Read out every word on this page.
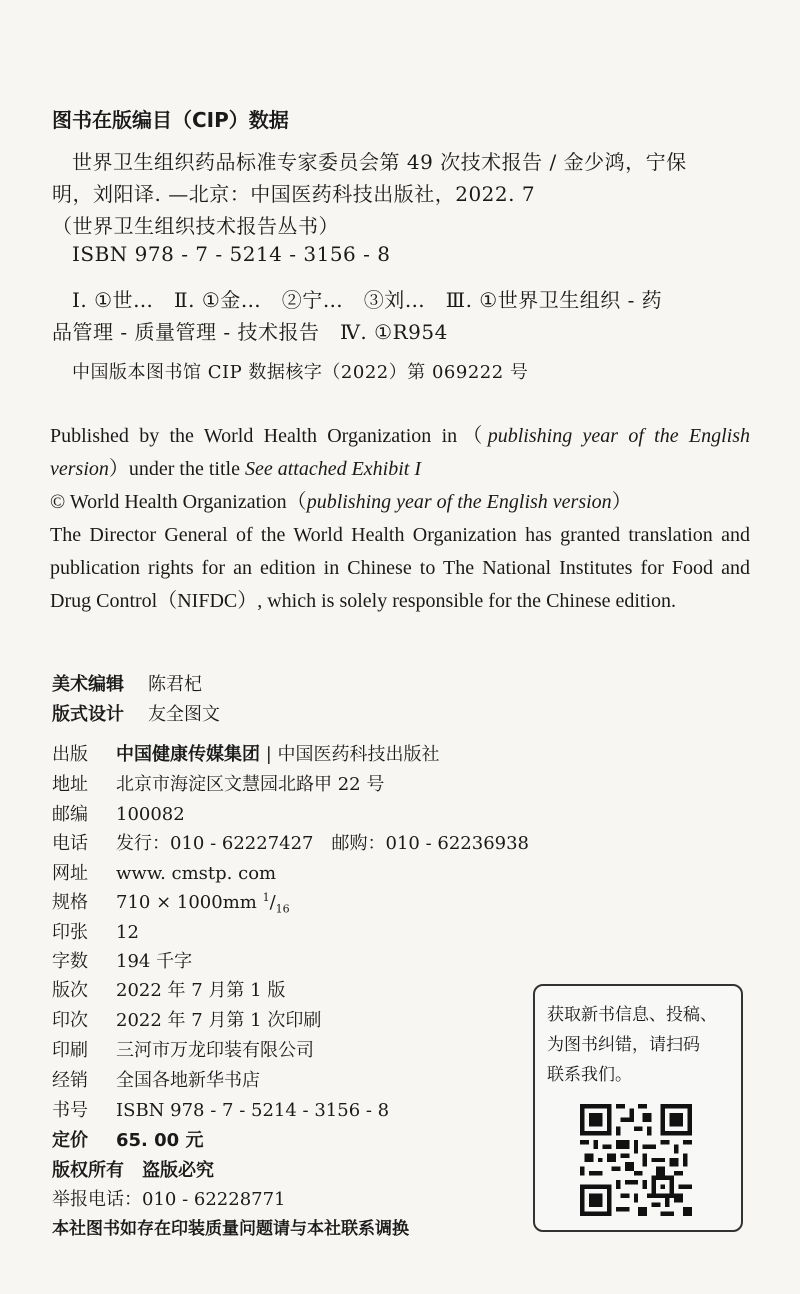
图书在版编目（CIP）数据
世界卫生组织药品标准专家委员会第 49 次技术报告 / 金少鸿，宁保
明，刘阳译. —北京：中国医药科技出版社，2022. 7
（世界卫生组织技术报告丛书）
ISBN 978 - 7 - 5214 - 3156 - 8
Ⅰ. ①世…　Ⅱ. ①金…　②宁…　③刘…　Ⅲ. ①世界卫生组织 - 药
品管理 - 质量管理 - 技术报告　Ⅳ. ①R954
中国版本图书馆 CIP 数据核字（2022）第 069222 号

Published by the World Health Organization in（publishing year of the English version）under the title See attached Exhibit I

© World Health Organization（publishing year of the English version）

The Director General of the World Health Organization has granted translation and publication rights for an edition in Chinese to The National Institutes for Food and Drug Control（NIFDC）, which is solely responsible for the Chinese edition.

美术编辑 陈君杞
版式设计 友全图文
出版 中国健康传媒集团 | 中国医药科技出版社
地址 北京市海淀区文慧园北路甲 22 号
邮编 100082
电话 发行：010 - 62227427　邮购：010 - 62236938
网址 www. cmstp. com
规格 710 × 1000mm $^1/_{16}$
印张 12
字数 194 千字
版次 2022 年 7 月第 1 版
印次 2022 年 7 月第 1 次印刷
印刷 三河市万龙印装有限公司
经销 全国各地新华书店
书号 ISBN 978 - 7 - 5214 - 3156 - 8
定价 65. 00 元
版权所有　盗版必究
举报电话：010 - 62228771
获取新书信息、投稿、
为图书纠错，请扫码
联系我们。
本社图书如存在印装质量问题请与本社联系调换
